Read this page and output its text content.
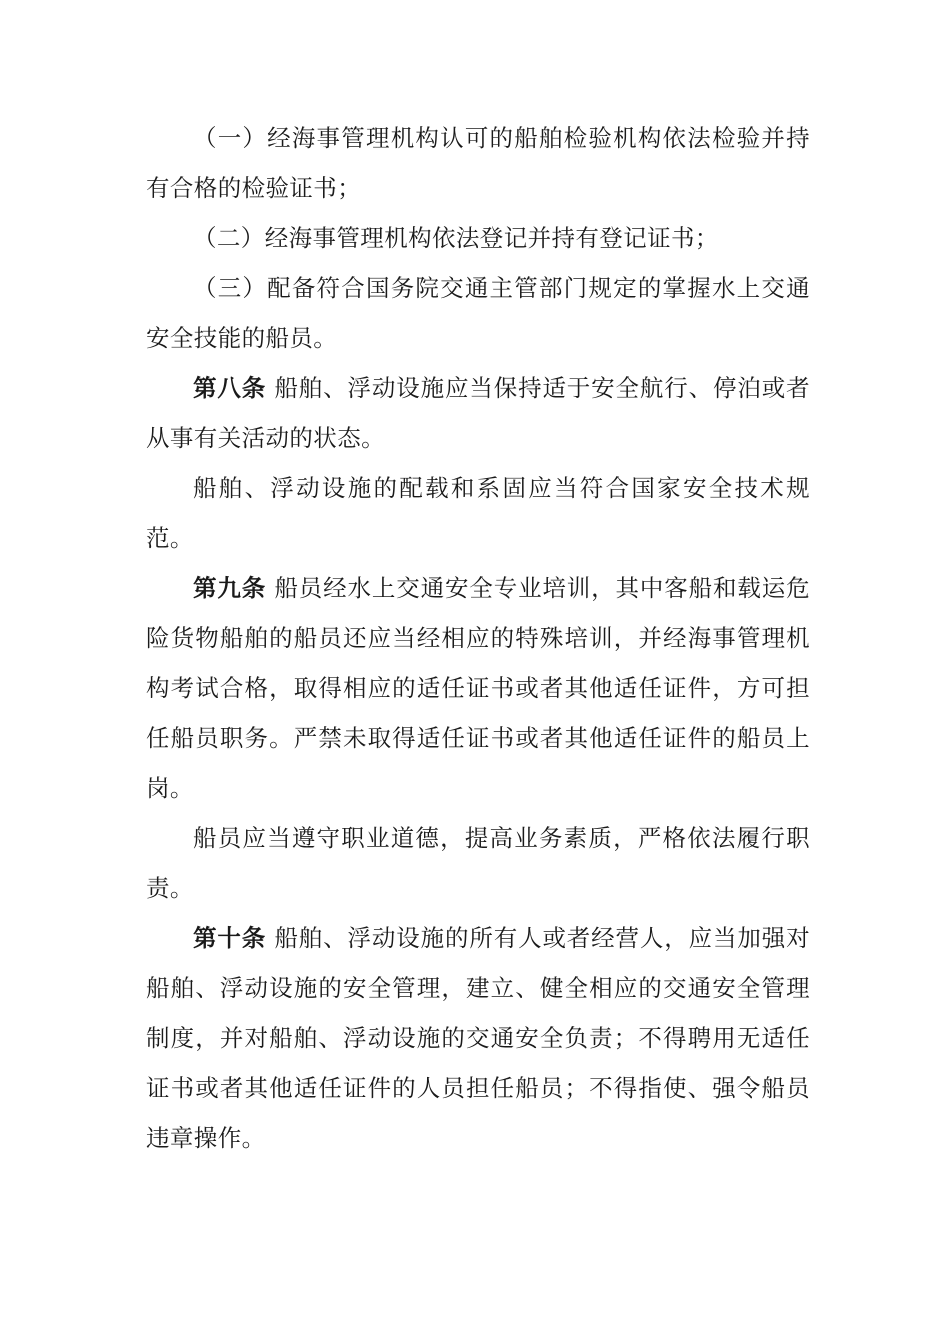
（一）经海事管理机构认可的船舶检验机构依法检验并持有合格的检验证书；

（二）经海事管理机构依法登记并持有登记证书；

（三）配备符合国务院交通主管部门规定的掌握水上交通安全技能的船员。

第八条 船舶、浮动设施应当保持适于安全航行、停泊或者从事有关活动的状态。

船舶、浮动设施的配载和系固应当符合国家安全技术规范。

第九条 船员经水上交通安全专业培训，其中客船和载运危险货物船舶的船员还应当经相应的特殊培训，并经海事管理机构考试合格，取得相应的适任证书或者其他适任证件，方可担任船员职务。严禁未取得适任证书或者其他适任证件的船员上岗。

船员应当遵守职业道德，提高业务素质，严格依法履行职责。

第十条 船舶、浮动设施的所有人或者经营人，应当加强对船舶、浮动设施的安全管理，建立、健全相应的交通安全管理制度，并对船舶、浮动设施的交通安全负责；不得聘用无适任证书或者其他适任证件的人员担任船员；不得指使、强令船员违章操作。
